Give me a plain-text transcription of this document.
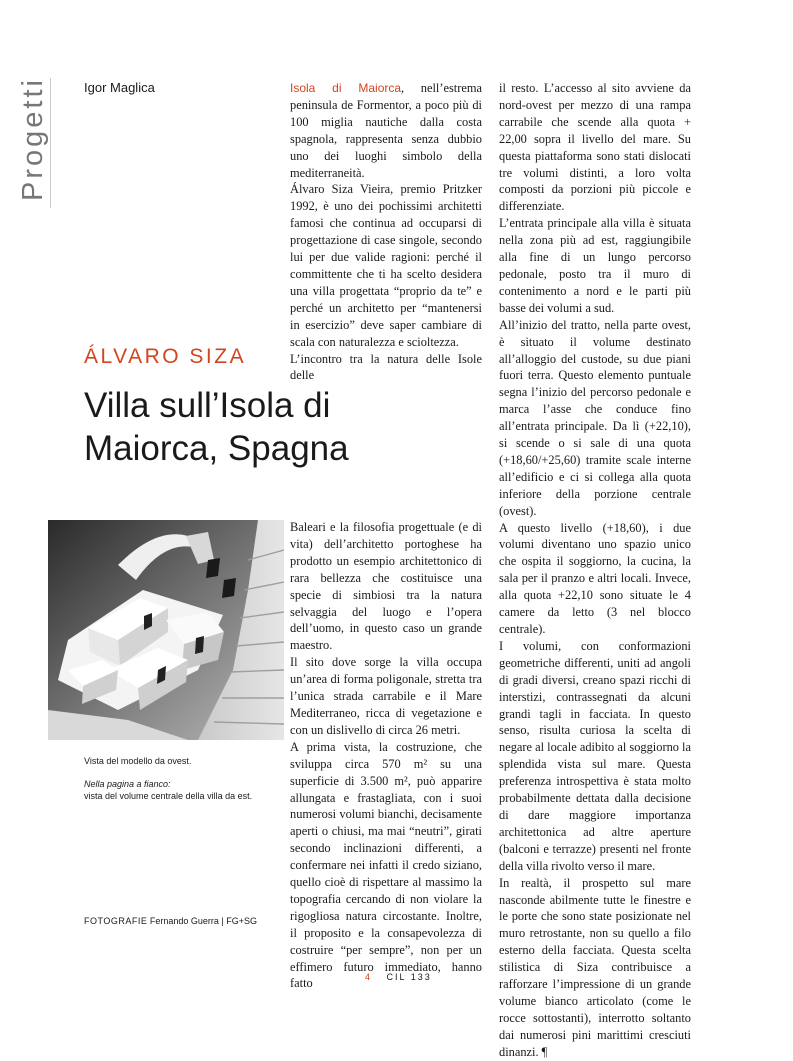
Progetti	Igor Maglica
ÁLVARO SIZA
Villa sull’Isola di
Maiorca, Spagna
Vista del modello da ovest.
Nella pagina a fianco:
vista del volume centrale della villa da est.
FOTOGRAFIE Fernando Guerra | FG+SG

Isola di Maiorca, nell’estrema peninsula de Formentor, a poco più di 100 miglia nautiche dalla costa spagnola, rappresenta senza dubbio uno dei luoghi simbolo della mediterraneità.

Álvaro Siza Vieira, premio Pritzker 1992, è uno dei pochissimi architetti famosi che continua ad occuparsi di progettazione di case singole, secondo lui per due valide ragioni: perché il committente che ti ha scelto desidera una villa progettata “proprio da te” e perché un architetto per “mantenersi in esercizio” deve saper cambiare di scala con naturalezza e scioltezza.

L’incontro tra la natura delle Isole delle

Baleari e la filosofia progettuale (e di vita) dell’architetto portoghese ha prodotto un esempio architettonico di rara bellezza che costituisce una specie di simbiosi tra la natura selvaggia del luogo e l’opera dell’uomo, in questo caso un grande maestro.

Il sito dove sorge la villa occupa un’area di forma poligonale, stretta tra l’unica strada carrabile e il Mare Mediterraneo, ricca di vegetazione e con un dislivello di circa 26 metri.

A prima vista, la costruzione, che sviluppa circa 570 m² su una superficie di 3.500 m², può apparire allungata e frastagliata, con i suoi numerosi volumi bianchi, decisamente aperti o chiusi, ma mai “neutri”, girati secondo inclinazioni differenti, a confermare nei infatti il credo siziano, quello cioè di rispettare al massimo la topografia cercando di non violare la rigogliosa natura circostante. Inoltre, il proposito e la consapevolezza di costruire “per sempre”, non per un effimero futuro immediato, hanno fatto

il resto. L’accesso al sito avviene da nord-ovest per mezzo di una rampa carrabile che scende alla quota + 22,00 sopra il livello del mare. Su questa piattaforma sono stati dislocati tre volumi distinti, a loro volta composti da porzioni più piccole e differenziate.

L’entrata principale alla villa è situata nella zona più ad est, raggiungibile alla fine di un lungo percorso pedonale, posto tra il muro di contenimento a nord e le parti più basse dei volumi a sud.

All’inizio del tratto, nella parte ovest, è situato il volume destinato all’alloggio del custode, su due piani fuori terra. Questo elemento puntuale segna l’inizio del percorso pedonale e marca l’asse che conduce fino all’entrata principale. Da lì (+22,10), si scende o si sale di una quota (+18,60/+25,60) tramite scale interne all’edificio e ci si collega alla quota inferiore della porzione centrale (ovest).

A questo livello (+18,60), i due volumi diventano uno spazio unico che ospita il soggiorno, la cucina, la sala per il pranzo e altri locali. Invece, alla quota +22,10 sono situate le 4 camere da letto (3 nel blocco centrale).

I volumi, con conformazioni geometriche differenti, uniti ad angoli di gradi diversi, creano spazi ricchi di interstizi, contrassegnati da alcuni grandi tagli in facciata. In questo senso, risulta curiosa la scelta di negare al locale adibito al soggiorno la splendida vista sul mare. Questa preferenza introspettiva è stata molto probabilmente dettata dalla decisione di dare maggiore importanza architettonica ad altre aperture (balconi e terrazze) presenti nel fronte della villa rivolto verso il mare.

In realtà, il prospetto sul mare nasconde abilmente tutte le finestre e le porte che sono state posizionate nel muro retrostante, non su quello a filo esterno della facciata. Questa scelta stilistica di Siza contribuisce a rafforzare l’impressione di un grande volume bianco articolato (come le rocce sottostanti), interrotto soltanto dai numerosi pini marittimi cresciuti dinanzi. ¶

4 CIL 133
